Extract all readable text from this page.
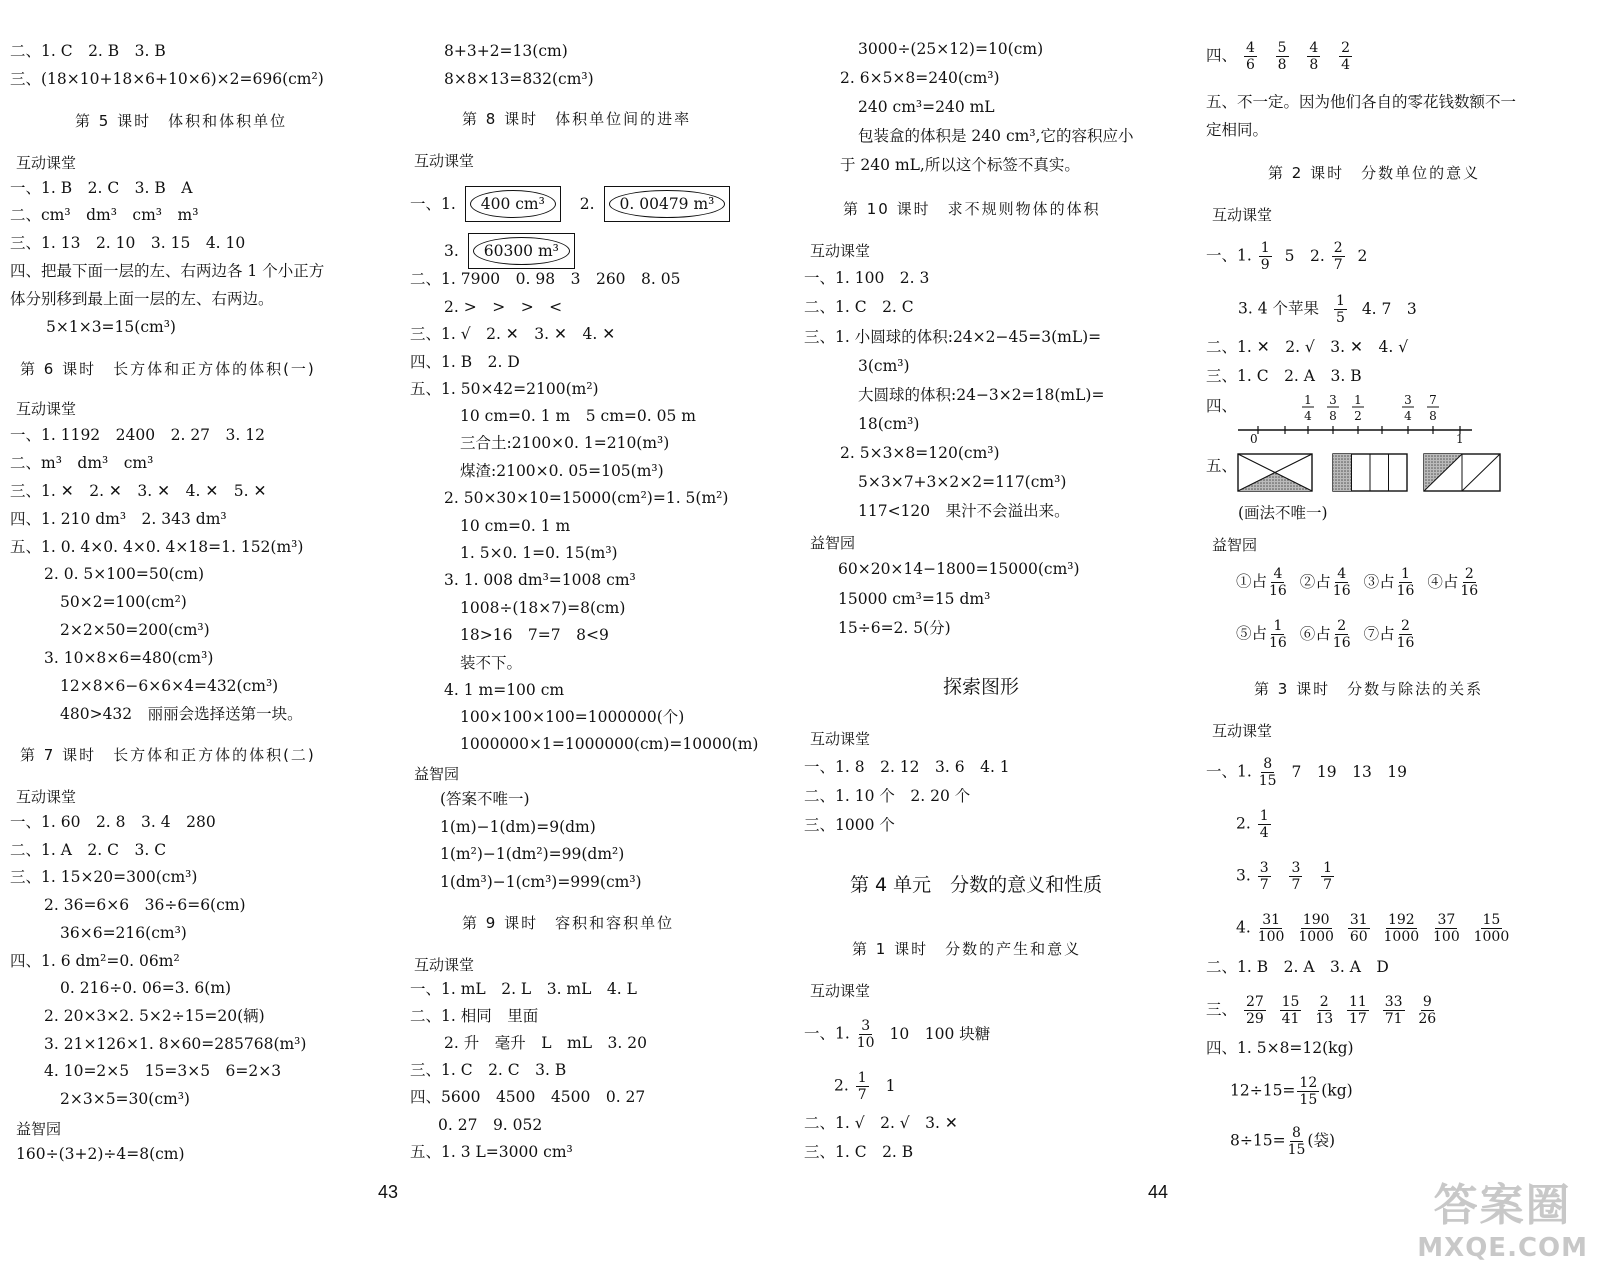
二、1. C　2. B　3. B
三、(18×10+18×6+10×6)×2=696(cm²)
第 5 课时　体积和体积单位
互动课堂
一、1. B　2. C　3. B　A
二、cm³　dm³　cm³　m³
三、1. 13　2. 10　3. 15　4. 10
四、把最下面一层的左、右两边各 1 个小正方
体分别移到最上面一层的左、右两边。
5×1×3=15(cm³)
第 6 课时　长方体和正方体的体积(一)
互动课堂
一、1. 1192　2400　2. 27　3. 12
二、m³　dm³　cm³
三、1. ✕　2. ✕　3. ✕　4. ✕　5. ✕
四、1. 210 dm³　2. 343 dm³
五、1. 0. 4×0. 4×0. 4×18=1. 152(m³)
2. 0. 5×100=50(cm)
50×2=100(cm²)
2×2×50=200(cm³)
3. 10×8×6=480(cm³)
12×8×6−6×6×4=432(cm³)
480>432　丽丽会选择送第一块。
第 7 课时　长方体和正方体的体积(二)
互动课堂
一、1. 60　2. 8　3. 4　280
二、1. A　2. C　3. C
三、1. 15×20=300(cm³)
2. 36=6×6　36÷6=6(cm)
36×6=216(cm³)
四、1. 6 dm²=0. 06m²
0. 216÷0. 06=3. 6(m)
2. 20×3×2. 5×2÷15=20(辆)
3. 21×126×1. 8×60=285768(m³)
4. 10=2×5　15=3×5　6=2×3
2×3×5=30(cm³)
益智园
160÷(3+2)÷4=8(cm)
8+3+2=13(cm)
8×8×13=832(cm³)
第 8 课时　体积单位间的进率
互动课堂
一、1. 400 cm³ 2. 0. 00479 m³
3. 60300 m³
二、1. 7900　0. 98　3　260　8. 05
2. >　>　>　<
三、1. √　2. ✕　3. ✕　4. ✕
四、1. B　2. D
五、1. 50×42=2100(m²)
10 cm=0. 1 m　5 cm=0. 05 m
三合土:2100×0. 1=210(m³)
煤渣:2100×0. 05=105(m³)
2. 50×30×10=15000(cm²)=1. 5(m²)
10 cm=0. 1 m
1. 5×0. 1=0. 15(m³)
3. 1. 008 dm³=1008 cm³
1008÷(18×7)=8(cm)
18>16　7=7　8<9
装不下。
4. 1 m=100 cm
100×100×100=1000000(个)
1000000×1=1000000(cm)=10000(m)
益智园
(答案不唯一)
1(m)−1(dm)=9(dm)
1(m²)−1(dm²)=99(dm²)
1(dm³)−1(cm³)=999(cm³)
第 9 课时　容积和容积单位
互动课堂
一、1. mL　2. L　3. mL　4. L
二、1. 相同　里面
2. 升　毫升　L　mL　3. 20
三、1. C　2. C　3. B
四、5600　4500　4500　0. 27
0. 27　9. 052
五、1. 3 L=3000 cm³
43
3000÷(25×12)=10(cm)
2. 6×5×8=240(cm³)
240 cm³=240 mL
包装盒的体积是 240 cm³,它的容积应小
于 240 mL,所以这个标签不真实。
第 10 课时　求不规则物体的体积
互动课堂
一、1. 100　2. 3
二、1. C　2. C
三、1. 小圆球的体积:24×2−45=3(mL)=
3(cm³)
大圆球的体积:24−3×2=18(mL)=
18(cm³)
2. 5×3×8=120(cm³)
5×3×7+3×2×2=117(cm³)
117<120　果汁不会溢出来。
益智园
60×20×14−1800=15000(cm³)
15000 cm³=15 dm³
15÷6=2. 5(分)
探索图形
互动课堂
一、1. 8　2. 12　3. 6　4. 1
二、1. 10 个　2. 20 个
三、1000 个
第 4 单元　分数的意义和性质
第 1 课时　分数的产生和意义
互动课堂
一、1. $\frac{3}{10} 10$　100 块糖
2. $\frac{1}{7} 1$
二、1. √　2. √　3. ✕
三、1. C　2. B
44
四、 $\frac{4}{6}$
$\frac{5}{8}$
$\frac{4}{8}$
$\frac{2}{4}$
五、不一定。因为他们各自的零花钱数额不一
定相同。
第 2 课时　分数单位的意义
互动课堂
一、1. $\frac{1}{9} 5$　2. $\frac{2}{7} 2$
3. 4 个苹果 $\frac{1}{5} 4$. 7　3
二、1. ✕　2. √　3. ✕　4. √
三、1. C　2. A　3. B
四、	1
4
3
8
1
2
3
4
7
8
0	1
五、
(画法不唯一)
益智园
①占 $\frac{4}{16}$ ②占 $\frac{4}{16}$ ③占 $\frac{1}{16}$ ④占 $\frac{2}{16}$
⑤占 $\frac{1}{16}$ ⑥占 $\frac{2}{16}$ ⑦占 $\frac{2}{16}$
第 3 课时　分数与除法的关系
互动课堂
一、1. $\frac{8}{15} 7$　19　13　19
2. $\frac{1}{4}$
3. $\frac{3}{7}$
$\frac{3}{7}$
$\frac{1}{7}$
4. $\frac{31}{100}$
$\frac{190}{1000}$
$\frac{31}{60}$
$\frac{192}{1000}$
$\frac{37}{100}$
$\frac{15}{1000}$
二、1. B　2. A　3. A　D
三、 $\frac{27}{29}$
$\frac{15}{41}$
$\frac{2}{13}$
$\frac{11}{17}$
$\frac{33}{71}$
$\frac{9}{26}$
四、1. 5×8=12(kg)
$12\div 15= \frac{12}{15} (kg)$
$8\div 15= \frac{8}{15}$ (袋)
答案圈
MXQE.COM
